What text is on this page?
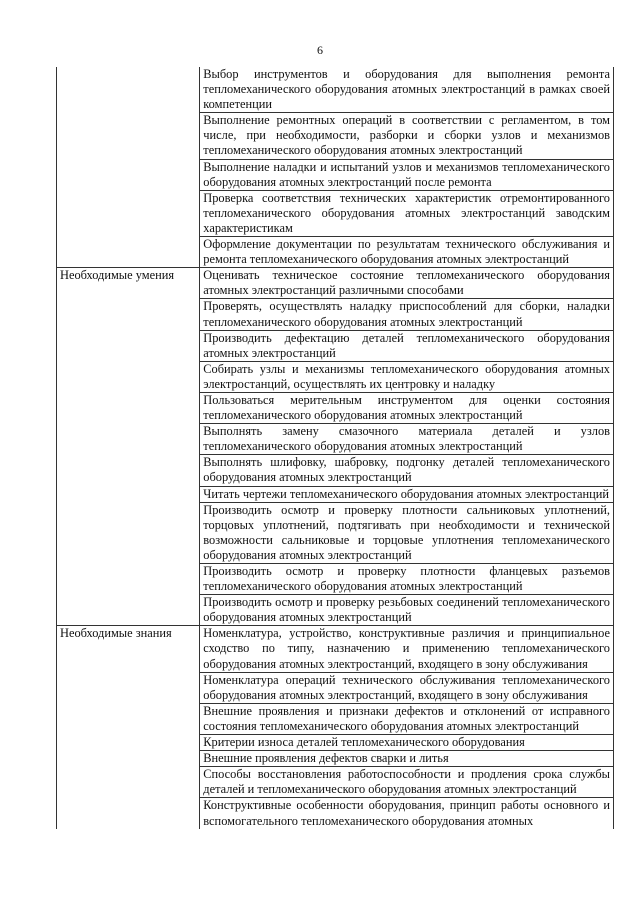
6
	Выбор инструментов и оборудования для выполнения ремонта тепломеханического оборудования атомных электростанций в рамках своей компетенции
	Выполнение ремонтных операций в соответствии с регламентом, в том числе, при необходимости, разборки и сборки узлов и механизмов тепломеханического оборудования атомных электростанций
	Выполнение наладки и испытаний узлов и механизмов тепломеханического оборудования атомных электростанций после ремонта
	Проверка соответствия технических характеристик отремонтированного тепломеханического оборудования атомных электростанций заводским характеристикам
	Оформление документации по результатам технического обслуживания и ремонта тепломеханического оборудования атомных электростанций
Необходимые умения	Оценивать техническое состояние тепломеханического оборудования атомных электростанций различными способами
	Проверять, осуществлять наладку приспособлений для сборки, наладки тепломеханического оборудования атомных электростанций
	Производить дефектацию деталей тепломеханического оборудования атомных электростанций
	Собирать узлы и механизмы тепломеханического оборудования атомных электростанций, осуществлять их центровку и наладку
	Пользоваться мерительным инструментом для оценки состояния тепломеханического оборудования атомных электростанций
	Выполнять замену смазочного материала деталей и узлов тепломеханического оборудования атомных электростанций
	Выполнять шлифовку, шабровку, подгонку деталей тепломеханического оборудования атомных электростанций
	Читать чертежи тепломеханического оборудования атомных электростанций
	Производить осмотр и проверку плотности сальниковых уплотнений, торцовых уплотнений, подтягивать при необходимости и технической возможности сальниковые и торцовые уплотнения тепломеханического оборудования атомных электростанций
	Производить осмотр и проверку плотности фланцевых разъемов тепломеханического оборудования атомных электростанций
	Производить осмотр и проверку резьбовых соединений тепломеханического оборудования атомных электростанций
Необходимые знания	Номенклатура, устройство, конструктивные различия и принципиальное сходство по типу, назначению и применению тепломеханического оборудования атомных электростанций, входящего в зону обслуживания
	Номенклатура операций технического обслуживания тепломеханического оборудования атомных электростанций, входящего в зону обслуживания
	Внешние проявления и признаки дефектов и отклонений от исправного состояния тепломеханического оборудования атомных электростанций
	Критерии износа деталей тепломеханического оборудования
	Внешние проявления дефектов сварки и литья
	Способы восстановления работоспособности и продления срока службы деталей и тепломеханического оборудования атомных электростанций
	Конструктивные особенности оборудования, принцип работы основного и вспомогательного тепломеханического оборудования атомных
